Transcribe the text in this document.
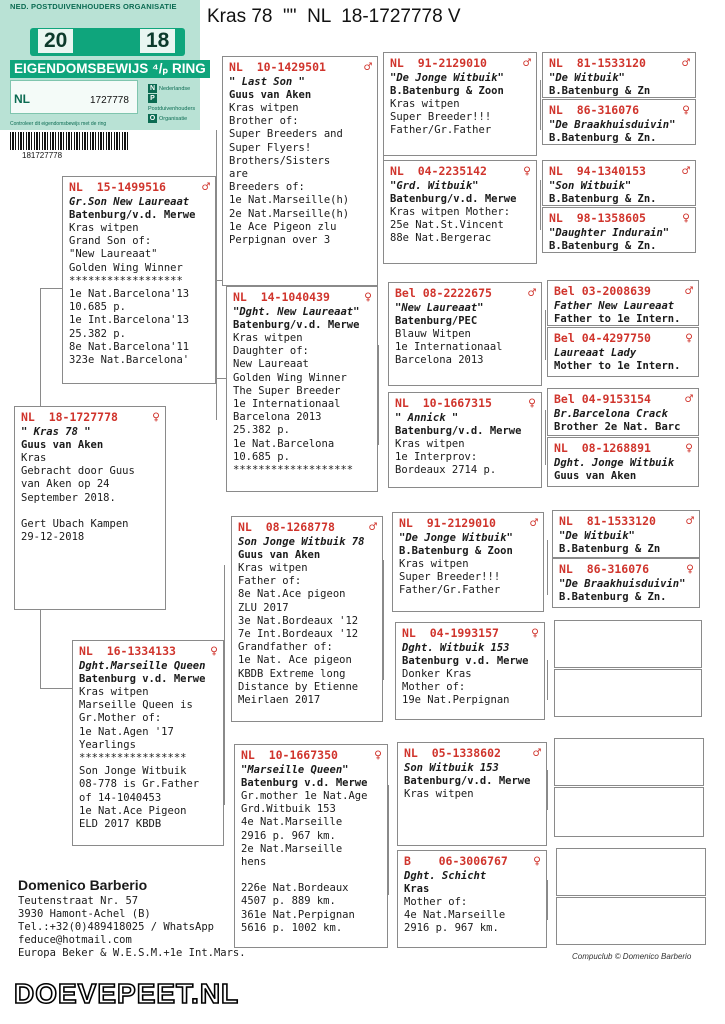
NED. POSTDUIVENHOUDERS ORGANISATIE
20	18
EIGENDOMSBEWIJS ⁴/ₚ RING
NL	1727778
N Nederlandse
PPostduivenhouders
O Organisatie
Controleer dit eigendomsbewijs met de ring
181727778
Kras 78  ""  NL  18-1727778 V
NL  18-1727778	♀
" Kras 78 "
Guus van Aken
Kras
Gebracht door Guus
van Aken op 24
September 2018.
Gert Ubach Kampen
29-12-2018
NL  15-1499516	♂
Gr.Son New Laureaat
Batenburg/v.d. Merwe
Kras witpen
Grand Son of:
"New Laureaat"
Golden Wing Winner
******************
1e Nat.Barcelona'13
10.685 p.
1e Int.Barcelona'13
25.382 p.
8e Nat.Barcelona'11
323e Nat.Barcelona'
NL  10-1429501	♂
" Last Son "
Guus van Aken
Kras witpen
Brother of:
Super Breeders and
Super Flyers!
Brothers/Sisters
are
Breeders of:
1e Nat.Marseille(h)
2e Nat.Marseille(h)
1e Ace Pigeon zlu
Perpignan over 3
NL  91-2129010	♂
"De Jonge Witbuik"
B.Batenburg & Zoon
Kras witpen
Super Breeder!!!
Father/Gr.Father
NL  04-2235142	♀
"Grd. Witbuik"
Batenburg/v.d. Merwe
Kras witpen Mother:
25e Nat.St.Vincent
88e Nat.Bergerac
NL  81-1533120	♂
"De Witbuik"
B.Batenburg & Zn
NL  86-316076	♀
"De Braakhuisduivin"
B.Batenburg & Zn.
NL  94-1340153	♂
"Son Witbuik"
B.Batenburg & Zn.
NL  98-1358605	♀
"Daughter Indurain"
B.Batenburg & Zn.
NL  14-1040439	♀
"Dght. New Laureaat"
Batenburg/v.d. Merwe
Kras witpen
Daughter of:
New Laureaat
Golden Wing Winner
The Super Breeder
1e Internationaal
Barcelona 2013
25.382 p.
1e Nat.Barcelona
10.685 p.
*******************
Bel 08-2222675	♂
"New Laureaat"
Batenburg/PEC
Blauw Witpen
1e Internationaal
Barcelona 2013
NL  10-1667315	♀
" Annick "
Batenburg/v.d. Merwe
Kras witpen
1e Interprov:
Bordeaux 2714 p.
Bel 03-2008639	♂
Father New Laureaat
Father to 1e Intern.
Bel 04-4297750	♀
Laureaat Lady
Mother to 1e Intern.
Bel 04-9153154	♂
Br.Barcelona Crack
Brother 2e Nat. Barc
NL  08-1268891	♀
Dght. Jonge Witbuik
Guus van Aken
NL  16-1334133	♀
Dght.Marseille Queen
Batenburg v.d. Merwe
Kras witpen
Marseille Queen is
Gr.Mother of:
1e Nat.Agen '17
Yearlings
*****************
Son Jonge Witbuik
08-778 is Gr.Father
of 14-1040453
1e Nat.Ace Pigeon
ELD 2017 KBDB
NL  08-1268778	♂
Son Jonge Witbuik 78
Guus van Aken
Kras witpen
Father of:
8e Nat.Ace pigeon
ZLU 2017
3e Nat.Bordeaux '12
7e Int.Bordeaux '12
Grandfather of:
1e Nat. Ace pigeon
KBDB Extreme long
Distance by Etienne
Meirlaen 2017
NL  91-2129010	♂
"De Jonge Witbuik"
B.Batenburg & Zoon
Kras witpen
Super Breeder!!!
Father/Gr.Father
NL  04-1993157 ♀
Dght. Witbuik 153
Batenburg v.d. Merwe
Donker Kras
Mother of:
19e Nat.Perpignan
NL  81-1533120 ♂
"De Witbuik"
B.Batenburg & Zn
NL  86-316076	♀
"De Braakhuisduivin"
B.Batenburg & Zn.
NL  10-1667350	♀
"Marseille Queen"
Batenburg v.d. Merwe
Gr.mother 1e Nat.Age
Grd.Witbuik 153
4e Nat.Marseille
2916 p. 967 km.
2e Nat.Marseille
hens
226e Nat.Bordeaux
4507 p. 889 km.
361e Nat.Perpignan
5616 p. 1002 km.
NL  05-1338602 ♂
Son Witbuik 153
Batenburg/v.d. Merwe
Kras witpen
B    06-3006767 ♀
Dght. Schicht
Kras
Mother of:
4e Nat.Marseille
2916 p. 967 km.
Domenico Barberio
Teutenstraat Nr. 57
3930 Hamont-Achel (B)
Tel.:+32(0)489418025 / WhatsApp
feduce@hotmail.com
Europa Beker & W.E.S.M.+1e Int.Mars.	Compuclub © Domenico Barberio
DOEVEPEET.NL
